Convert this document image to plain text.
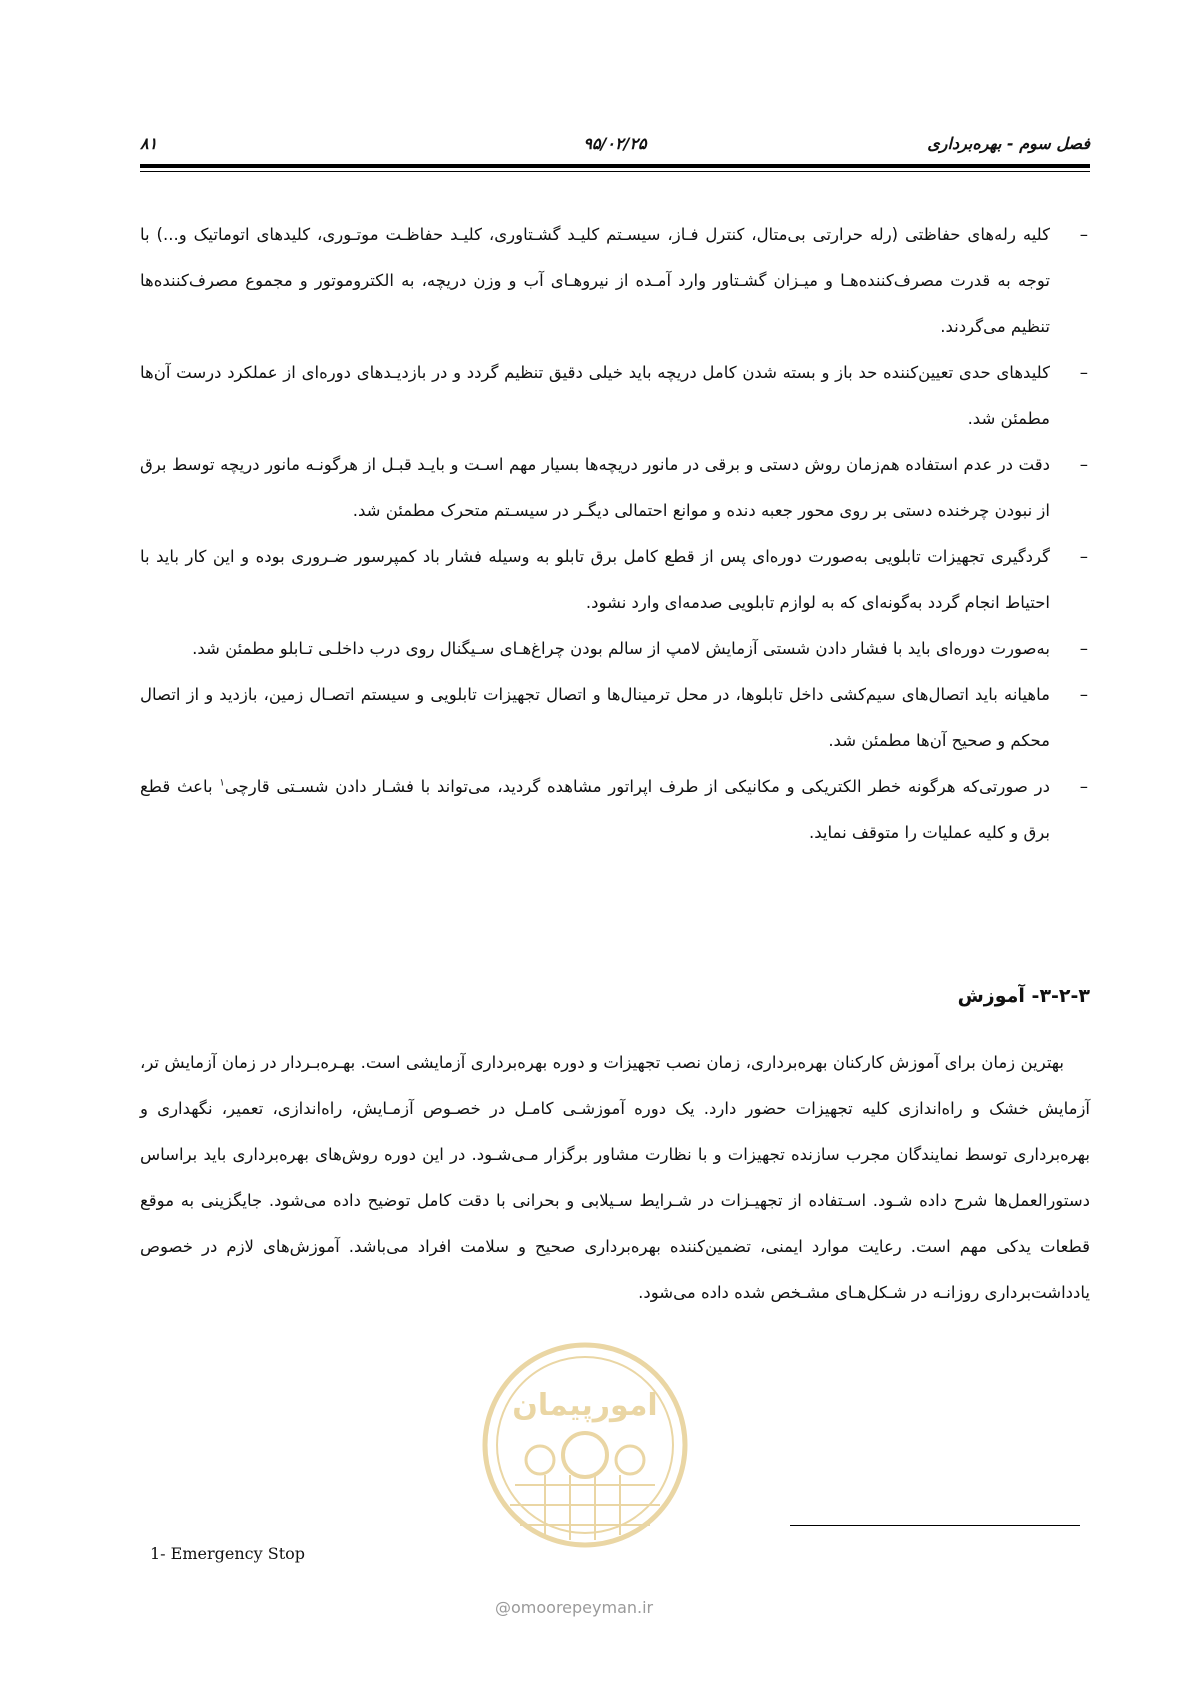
فصل سوم - بهره‌برداری
۹۵/۰۲/۲۵
۸۱
–
کلیه رله‌های حفاظتی (رله حرارتی بی‌متال، کنترل فـاز، سیسـتم کلیـد گشـتاوری، کلیـد حفاظـت موتـوری، کلیدهای اتوماتیک و...) با توجه به قدرت مصرف‌کننده‌هـا و میـزان گشـتاور وارد آمـده از نیروهـای آب و وزن دریچه، به الکتروموتور و مجموع مصرف‌کننده‌ها تنظیم می‌گردند.
–
کلیدهای حدی تعیین‌کننده حد باز و بسته شدن کامل دریچه باید خیلی دقیق تنظیم گردد و در بازدیـدهای دوره‌ای از عملکرد درست آن‌ها مطمئن شد.
–
دقت در عدم استفاده هم‌زمان روش دستی و برقی در مانور دریچه‌ها بسیار مهم اسـت و بایـد قبـل از هرگونـه مانور دریچه توسط برق از نبودن چرخنده دستی بر روی محور جعبه دنده و موانع احتمالی دیگـر در سیسـتم متحرک مطمئن شد.
–
گردگیری تجهیزات تابلویی به‌صورت دوره‌ای پس از قطع کامل برق تابلو به وسیله فشار باد کمپرسور ضـروری بوده و این کار باید با احتیاط انجام گردد به‌گونه‌ای که به لوازم تابلویی صدمه‌ای وارد نشود.
–
به‌صورت دوره‌ای باید با فشار دادن شستی آزمایش لامپ از سالم بودن چراغ‌هـای سـیگنال روی درب داخلـی تـابلو مطمئن شد.
–
ماهیانه باید اتصال‌های سیم‌کشی داخل تابلوها، در محل ترمینال‌ها و اتصال تجهیزات تابلویی و سیستم اتصـال زمین، بازدید و از اتصال محکم و صحیح آن‌ها مطمئن شد.
–
در صورتی‌که هرگونه خطر الکتریکی و مکانیکی از طرف اپراتور مشاهده گردید، می‌تواند با فشـار دادن شسـتی قارچی$^۱$ باعث قطع برق و کلیه عملیات را متوقف نماید.
۳-۲-۳- آموزش

بهترین زمان برای آموزش کارکنان بهره‌برداری، زمان نصب تجهیزات و دوره بهره‌برداری آزمایشی است. بهـره‌بـردار در زمان آزمایش تر، آزمایش خشک و راه‌اندازی کلیه تجهیزات حضور دارد. یک دوره آموزشـی کامـل در خصـوص آزمـایش، راه‌اندازی، تعمیر، نگهداری و بهره‌برداری توسط نمایندگان مجرب سازنده تجهیزات و با نظارت مشاور برگزار مـی‌شـود. در این دوره روش‌های بهره‌برداری باید براساس دستورالعمل‌ها شرح داده شـود. اسـتفاده از تجهیـزات در شـرایط سـیلابی و بحرانی با دقت کامل توضیح داده می‌شود. جایگزینی به موقع قطعات یدکی مهم است. رعایت موارد ایمنی، تضمین‌کننده بهره‌برداری صحیح و سلامت افراد می‌باشد. آموزش‌های لازم در خصوص یادداشت‌برداری روزانـه در شـکل‌هـای مشـخص شده داده می‌شود.

امورپیمان
@omoorepeyman.ir
1- Emergency Stop
